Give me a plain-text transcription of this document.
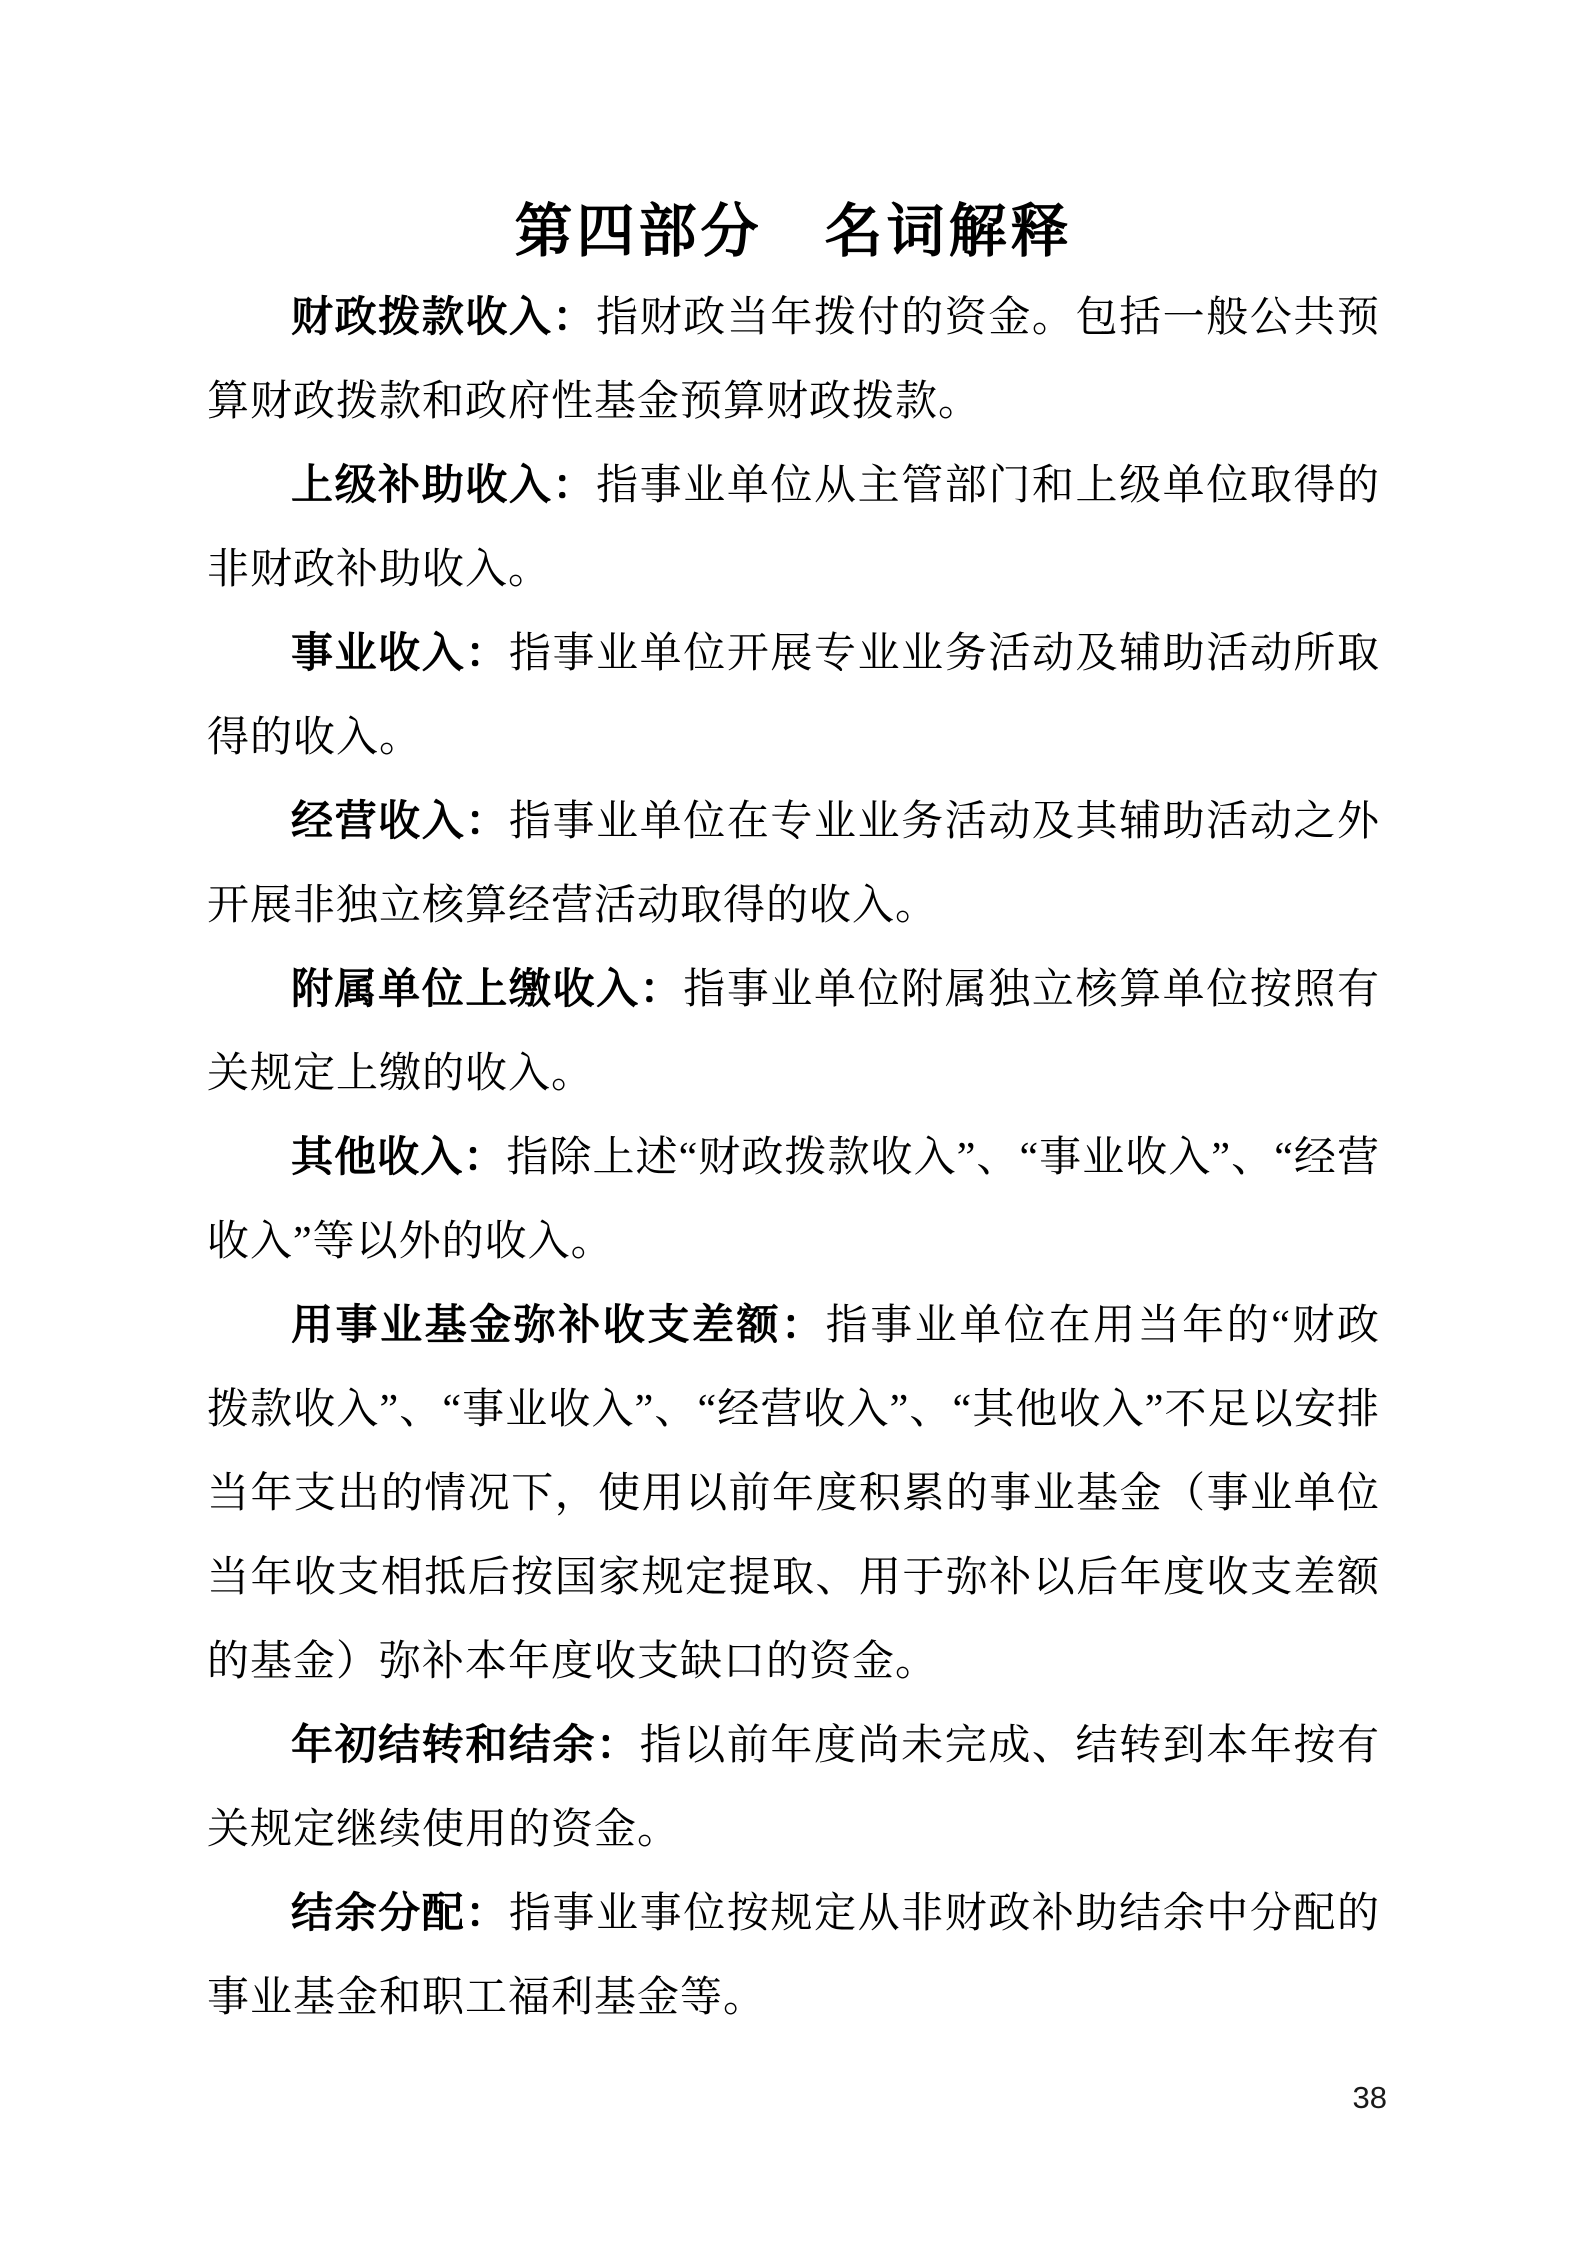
第四部分　名词解释

财政拨款收入：指财政当年拨付的资金。包括一般公共预算财政拨款和政府性基金预算财政拨款。

上级补助收入：指事业单位从主管部门和上级单位取得的非财政补助收入。

事业收入：指事业单位开展专业业务活动及辅助活动所取得的收入。

经营收入：指事业单位在专业业务活动及其辅助活动之外开展非独立核算经营活动取得的收入。

附属单位上缴收入：指事业单位附属独立核算单位按照有关规定上缴的收入。

其他收入：指除上述“财政拨款收入”、“事业收入”、“经营收入”等以外的收入。

用事业基金弥补收支差额：指事业单位在用当年的“财政拨款收入”、“事业收入”、“经营收入”、“其他收入”不足以安排当年支出的情况下，使用以前年度积累的事业基金（事业单位当年收支相抵后按国家规定提取、用于弥补以后年度收支差额的基金）弥补本年度收支缺口的资金。

年初结转和结余：指以前年度尚未完成、结转到本年按有关规定继续使用的资金。

结余分配：指事业事位按规定从非财政补助结余中分配的事业基金和职工福利基金等。

38
